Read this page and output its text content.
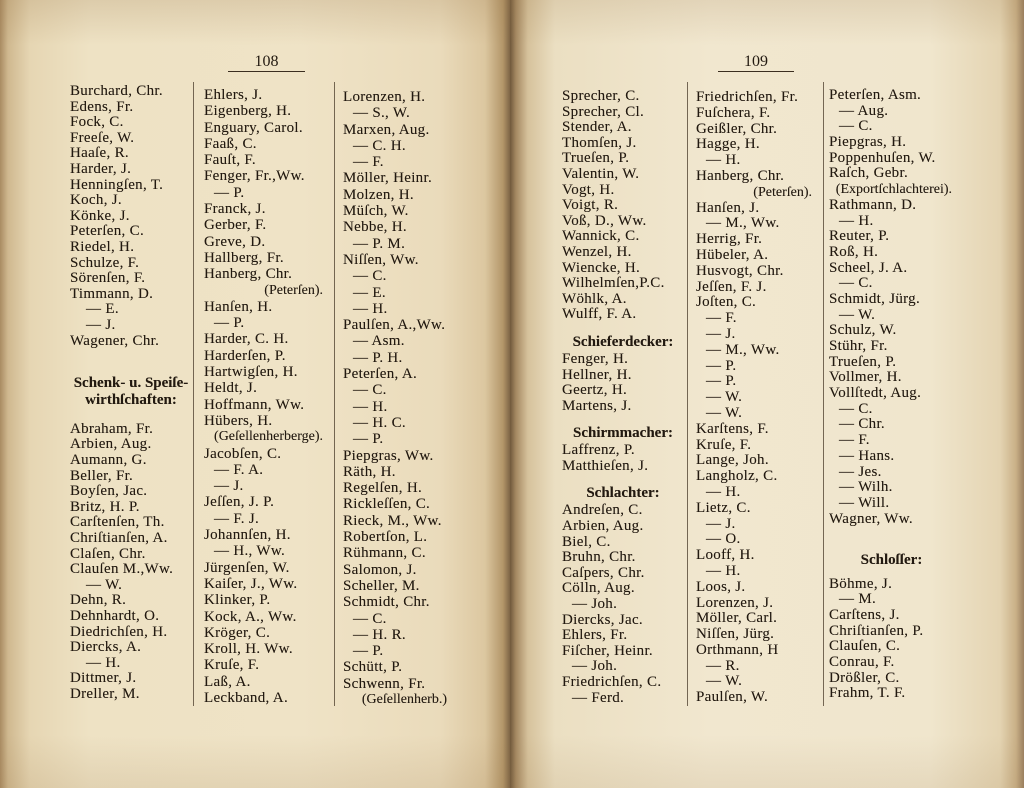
108
Burchard, Chr.
Edens, Fr.
Fock, C.
Freeſe, W.
Haaſe, R.
Harder, J.
Henningſen, T.
Koch, J.
Könke, J.
Peterſen, C.
Riedel, H.
Schulze, F.
Sörenſen, F.
Timmann, D.
— E.
— J.
Wagener, Chr.
Schenk- u. Speiſe-
wirthſchaften:
Abraham, Fr.
Arbien, Aug.
Aumann, G.
Beller, Fr.
Boyſen, Jac.
Britz, H. P.
Carſtenſen, Th.
Chriſtianſen, A.
Claſen, Chr.
Clauſen M.,Ww.
— W.
Dehn, R.
Dehnhardt, O.
Diedrichſen, H.
Diercks, A.
— H.
Dittmer, J.
Dreller, M.
Ehlers, J.
Eigenberg, H.
Enguary, Carol.
Faaß, C.
Fauſt, F.
Fenger, Fr.,Ww.
— P.
Franck, J.
Gerber, F.
Greve, D.
Hallberg, Fr.
Hanberg, Chr.
(Peterſen).
Hanſen, H.
— P.
Harder, C. H.
Harderſen, P.
Hartwigſen, H.
Heldt, J.
Hoffmann, Ww.
Hübers, H.
(Geſellenherberge).
Jacobſen, C.
— F. A.
— J.
Jeſſen, J. P.
— F. J.
Johannſen, H.
— H., Ww.
Jürgenſen, W.
Kaiſer, J., Ww.
Klinker, P.
Kock, A., Ww.
Kröger, C.
Kroll, H. Ww.
Kruſe, F.
Laß, A.
Leckband, A.
Lorenzen, H.
— S., W.
Marxen, Aug.
— C. H.
— F.
Möller, Heinr.
Molzen, H.
Müſch, W.
Nebbe, H.
— P. M.
Niſſen, Ww.
— C.
— E.
— H.
Paulſen, A.,Ww.
— Asm.
— P. H.
Peterſen, A.
— C.
— H.
— H. C.
— P.
Piepgras, Ww.
Räth, H.
Regelſen, H.
Rickleſſen, C.
Rieck, M., Ww.
Robertſon, L.
Rühmann, C.
Salomon, J.
Scheller, M.
Schmidt, Chr.
— C.
— H. R.
— P.
Schütt, P.
Schwenn, Fr.
(Geſellenherb.)
109
Sprecher, C.
Sprecher, Cl.
Stender, A.
Thomſen, J.
Trueſen, P.
Valentin, W.
Vogt, H.
Voigt, R.
Voß, D., Ww.
Wannick, C.
Wenzel, H.
Wiencke, H.
Wilhelmſen,P.C.
Wöhlk, A.
Wulff, F. A.
Schieferdecker:
Fenger, H.
Hellner, H.
Geertz, H.
Martens, J.
Schirmmacher:
Laffrenz, P.
Matthieſen, J.
Schlachter:
Andreſen, C.
Arbien, Aug.
Biel, C.
Bruhn, Chr.
Caſpers, Chr.
Cölln, Aug.
— Joh.
Diercks, Jac.
Ehlers, Fr.
Fiſcher, Heinr.
— Joh.
Friedrichſen, C.
— Ferd.
Friedrichſen, Fr.
Fuſchera, F.
Geißler, Chr.
Hagge, H.
— H.
Hanberg, Chr.
(Peterſen).
Hanſen, J.
— M., Ww.
Herrig, Fr.
Hübeler, A.
Husvogt, Chr.
Jeſſen, F. J.
Joſten, C.
— F.
— J.
— M., Ww.
— P.
— P.
— W.
— W.
Karſtens, F.
Kruſe, F.
Lange, Joh.
Langholz, C.
— H.
Lietz, C.
— J.
— O.
Looff, H.
— H.
Loos, J.
Lorenzen, J.
Möller, Carl.
Niſſen, Jürg.
Orthmann, H
— R.
— W.
Paulſen, W.
Peterſen, Asm.
— Aug.
— C.
Piepgras, H.
Poppenhuſen, W.
Raſch, Gebr.
(Exportſchlachterei).
Rathmann, D.
— H.
Reuter, P.
Roß, H.
Scheel, J. A.
— C.
Schmidt, Jürg.
— W.
Schulz, W.
Stühr, Fr.
Trueſen, P.
Vollmer, H.
Vollſtedt, Aug.
— C.
— Chr.
— F.
— Hans.
— Jes.
— Wilh.
— Will.
Wagner, Ww.
Schloſſer:
Böhme, J.
— M.
Carſtens, J.
Chriſtianſen, P.
Clauſen, C.
Conrau, F.
Drößler, C.
Frahm, T. F.
